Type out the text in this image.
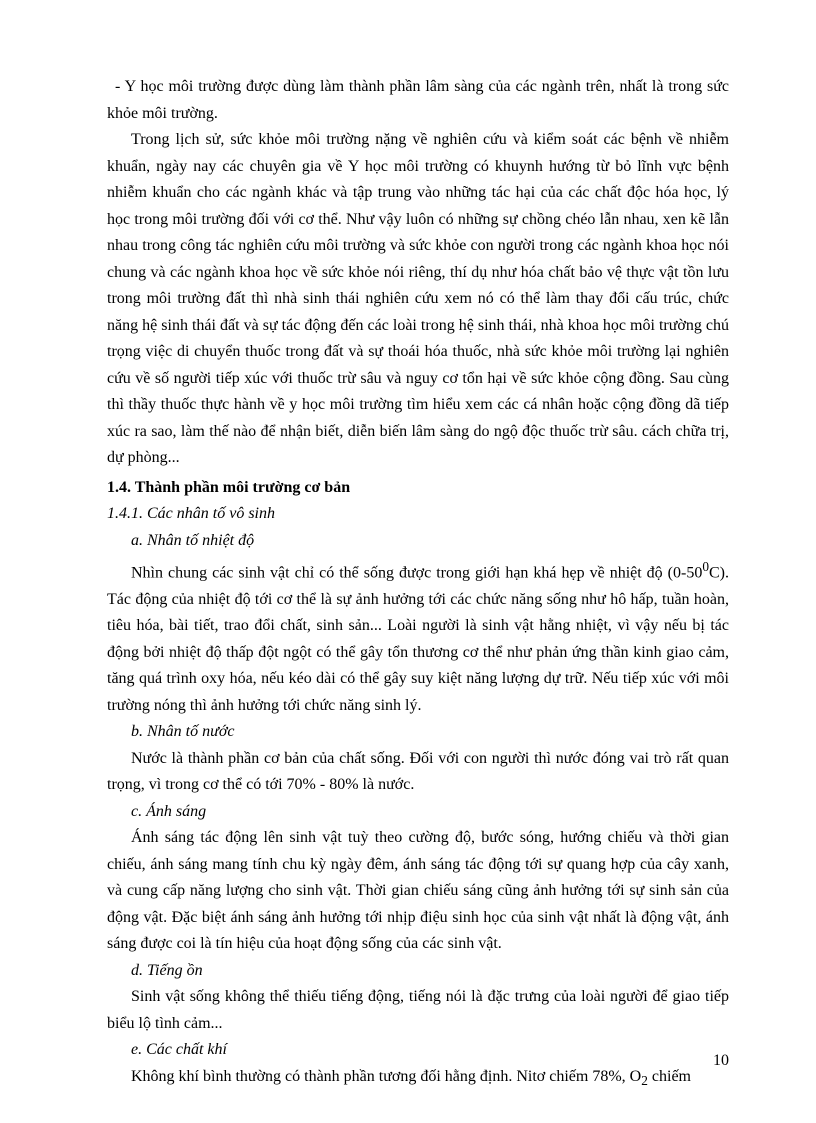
- Y học môi trường được dùng làm thành phần lâm sàng của các ngành trên, nhất là trong sức khỏe môi trường.

Trong lịch sử, sức khỏe môi trường nặng về nghiên cứu và kiểm soát các bệnh về nhiễm khuẩn, ngày nay các chuyên gia về Y học môi trường có khuynh hướng từ bỏ lĩnh vực bệnh nhiễm khuẩn cho các ngành khác và tập trung vào những tác hại của các chất độc hóa học, lý học trong môi trường đối với cơ thể. Như vậy luôn có những sự chồng chéo lẫn nhau, xen kẽ lẫn nhau trong công tác nghiên cứu môi trường và sức khỏe con người trong các ngành khoa học nói chung và các ngành khoa học về sức khỏe nói riêng, thí dụ như hóa chất bảo vệ thực vật tồn lưu trong môi trường đất thì nhà sinh thái nghiên cứu xem nó có thể làm thay đổi cấu trúc, chức năng hệ sinh thái đất và sự tác động đến các loài trong hệ sinh thái, nhà khoa học môi trường chú trọng việc di chuyển thuốc trong đất và sự thoái hóa thuốc, nhà sức khỏe môi trường lại nghiên cứu về số người tiếp xúc với thuốc trừ sâu và nguy cơ tổn hại về sức khỏe cộng đồng. Sau cùng thì thầy thuốc thực hành về y học môi trường tìm hiểu xem các cá nhân hoặc cộng đồng dã tiếp xúc ra sao, làm thế nào để nhận biết, diễn biến lâm sàng do ngộ độc thuốc trừ sâu. cách chữa trị, dự phòng...

1.4. Thành phần môi trường cơ bản

1.4.1. Các nhân tố vô sinh

a. Nhân tố nhiệt độ

Nhìn chung các sinh vật chỉ có thể sống được trong giới hạn khá hẹp về nhiệt độ $(0-50^0C)$. Tác động của nhiệt độ tới cơ thể là sự ảnh hưởng tới các chức năng sống như hô hấp, tuần hoàn, tiêu hóa, bài tiết, trao đổi chất, sinh sản... Loài người là sinh vật hằng nhiệt, vì vậy nếu bị tác động bởi nhiệt độ thấp đột ngột có thể gây tổn thương cơ thể như phản ứng thần kinh giao cảm, tăng quá trình oxy hóa, nếu kéo dài có thể gây suy kiệt năng lượng dự trữ. Nếu tiếp xúc với môi trường nóng thì ảnh hưởng tới chức năng sinh lý.

b. Nhân tố nước

Nước là thành phần cơ bản của chất sống. Đối với con người thì nước đóng vai trò rất quan trọng, vì trong cơ thể có tới 70% - 80% là nước.

c. Ánh sáng

Ánh sáng tác động lên sinh vật tuỳ theo cường độ, bước sóng, hướng chiếu và thời gian chiếu, ánh sáng mang tính chu kỳ ngày đêm, ánh sáng tác động tới sự quang hợp của cây xanh, và cung cấp năng lượng cho sinh vật. Thời gian chiếu sáng cũng ảnh hưởng tới sự sinh sản của động vật. Đặc biệt ánh sáng ảnh hưởng tới nhịp điệu sinh học của sinh vật nhất là động vật, ánh sáng được coi là tín hiệu của hoạt động sống của các sinh vật.

d. Tiếng ồn

Sinh vật sống không thể thiếu tiếng động, tiếng nói là đặc trưng của loài người để giao tiếp biểu lộ tình cảm...

e. Các chất khí

Không khí bình thường có thành phần tương đối hằng định. Nitơ chiếm 78%, $O_2$ chiếm

10
